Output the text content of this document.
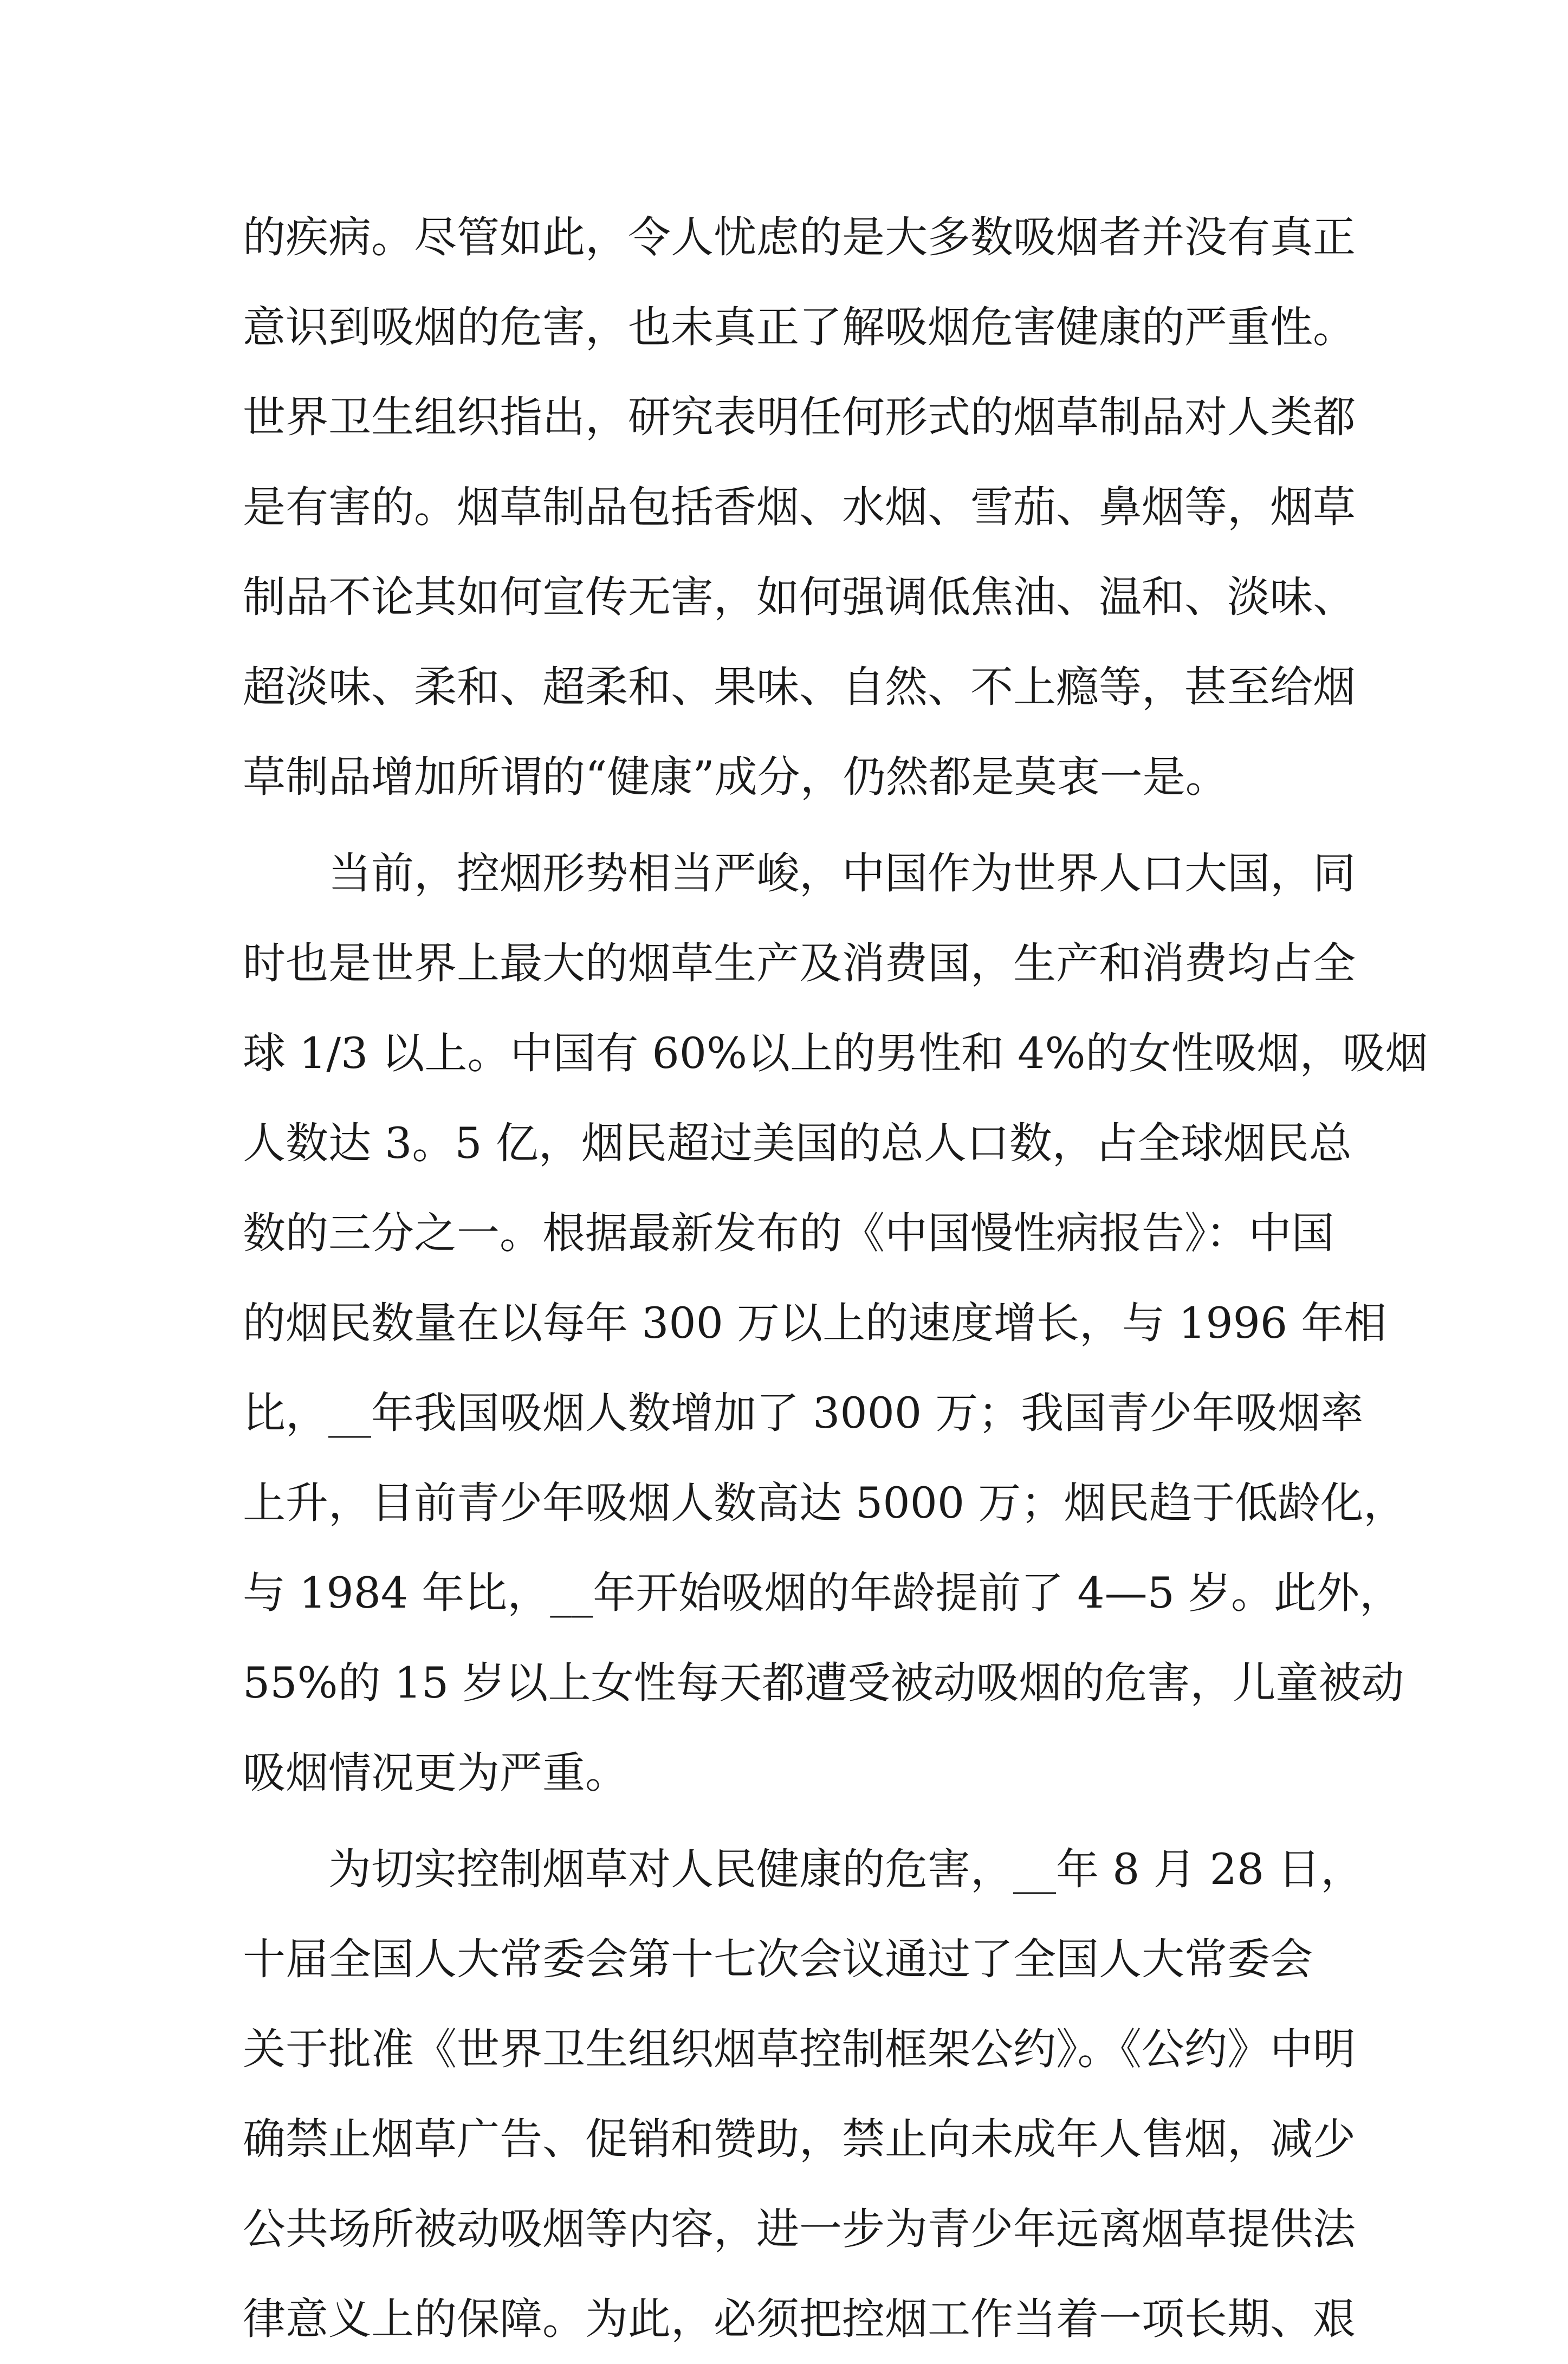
的疾病。尽管如此，令人忧虑的是大多数吸烟者并没有真正

意识到吸烟的危害，也未真正了解吸烟危害健康的严重性。

世界卫生组织指出，研究表明任何形式的烟草制品对人类都

是有害的。烟草制品包括香烟、水烟、雪茄、鼻烟等，烟草

制品不论其如何宣传无害，如何强调低焦油、温和、淡味、

超淡味、柔和、超柔和、果味、自然、不上瘾等，甚至给烟

草制品增加所谓的“健康”成分，仍然都是莫衷一是。

当前，控烟形势相当严峻，中国作为世界人口大国，同

时也是世界上最大的烟草生产及消费国，生产和消费均占全

球 1/3 以上。中国有 60%以上的男性和 4%的女性吸烟，吸烟

人数达 3。5 亿，烟民超过美国的总人口数，占全球烟民总

数的三分之一。根据最新发布的《中国慢性病报告》：中国

的烟民数量在以每年 300 万以上的速度增长，与 1996 年相

比，__年我国吸烟人数增加了 3000 万；我国青少年吸烟率

上升，目前青少年吸烟人数高达 5000 万；烟民趋于低龄化，

与 1984 年比，__年开始吸烟的年龄提前了 4—5 岁。此外，

55%的 15 岁以上女性每天都遭受被动吸烟的危害，儿童被动

吸烟情况更为严重。

为切实控制烟草对人民健康的危害，__年 8 月 28 日，

十届全国人大常委会第十七次会议通过了全国人大常委会

关于批准《世界卫生组织烟草控制框架公约》。《公约》中明

确禁止烟草广告、促销和赞助，禁止向未成年人售烟，减少

公共场所被动吸烟等内容，进一步为青少年远离烟草提供法

律意义上的保障。为此，必须把控烟工作当着一项长期、艰
